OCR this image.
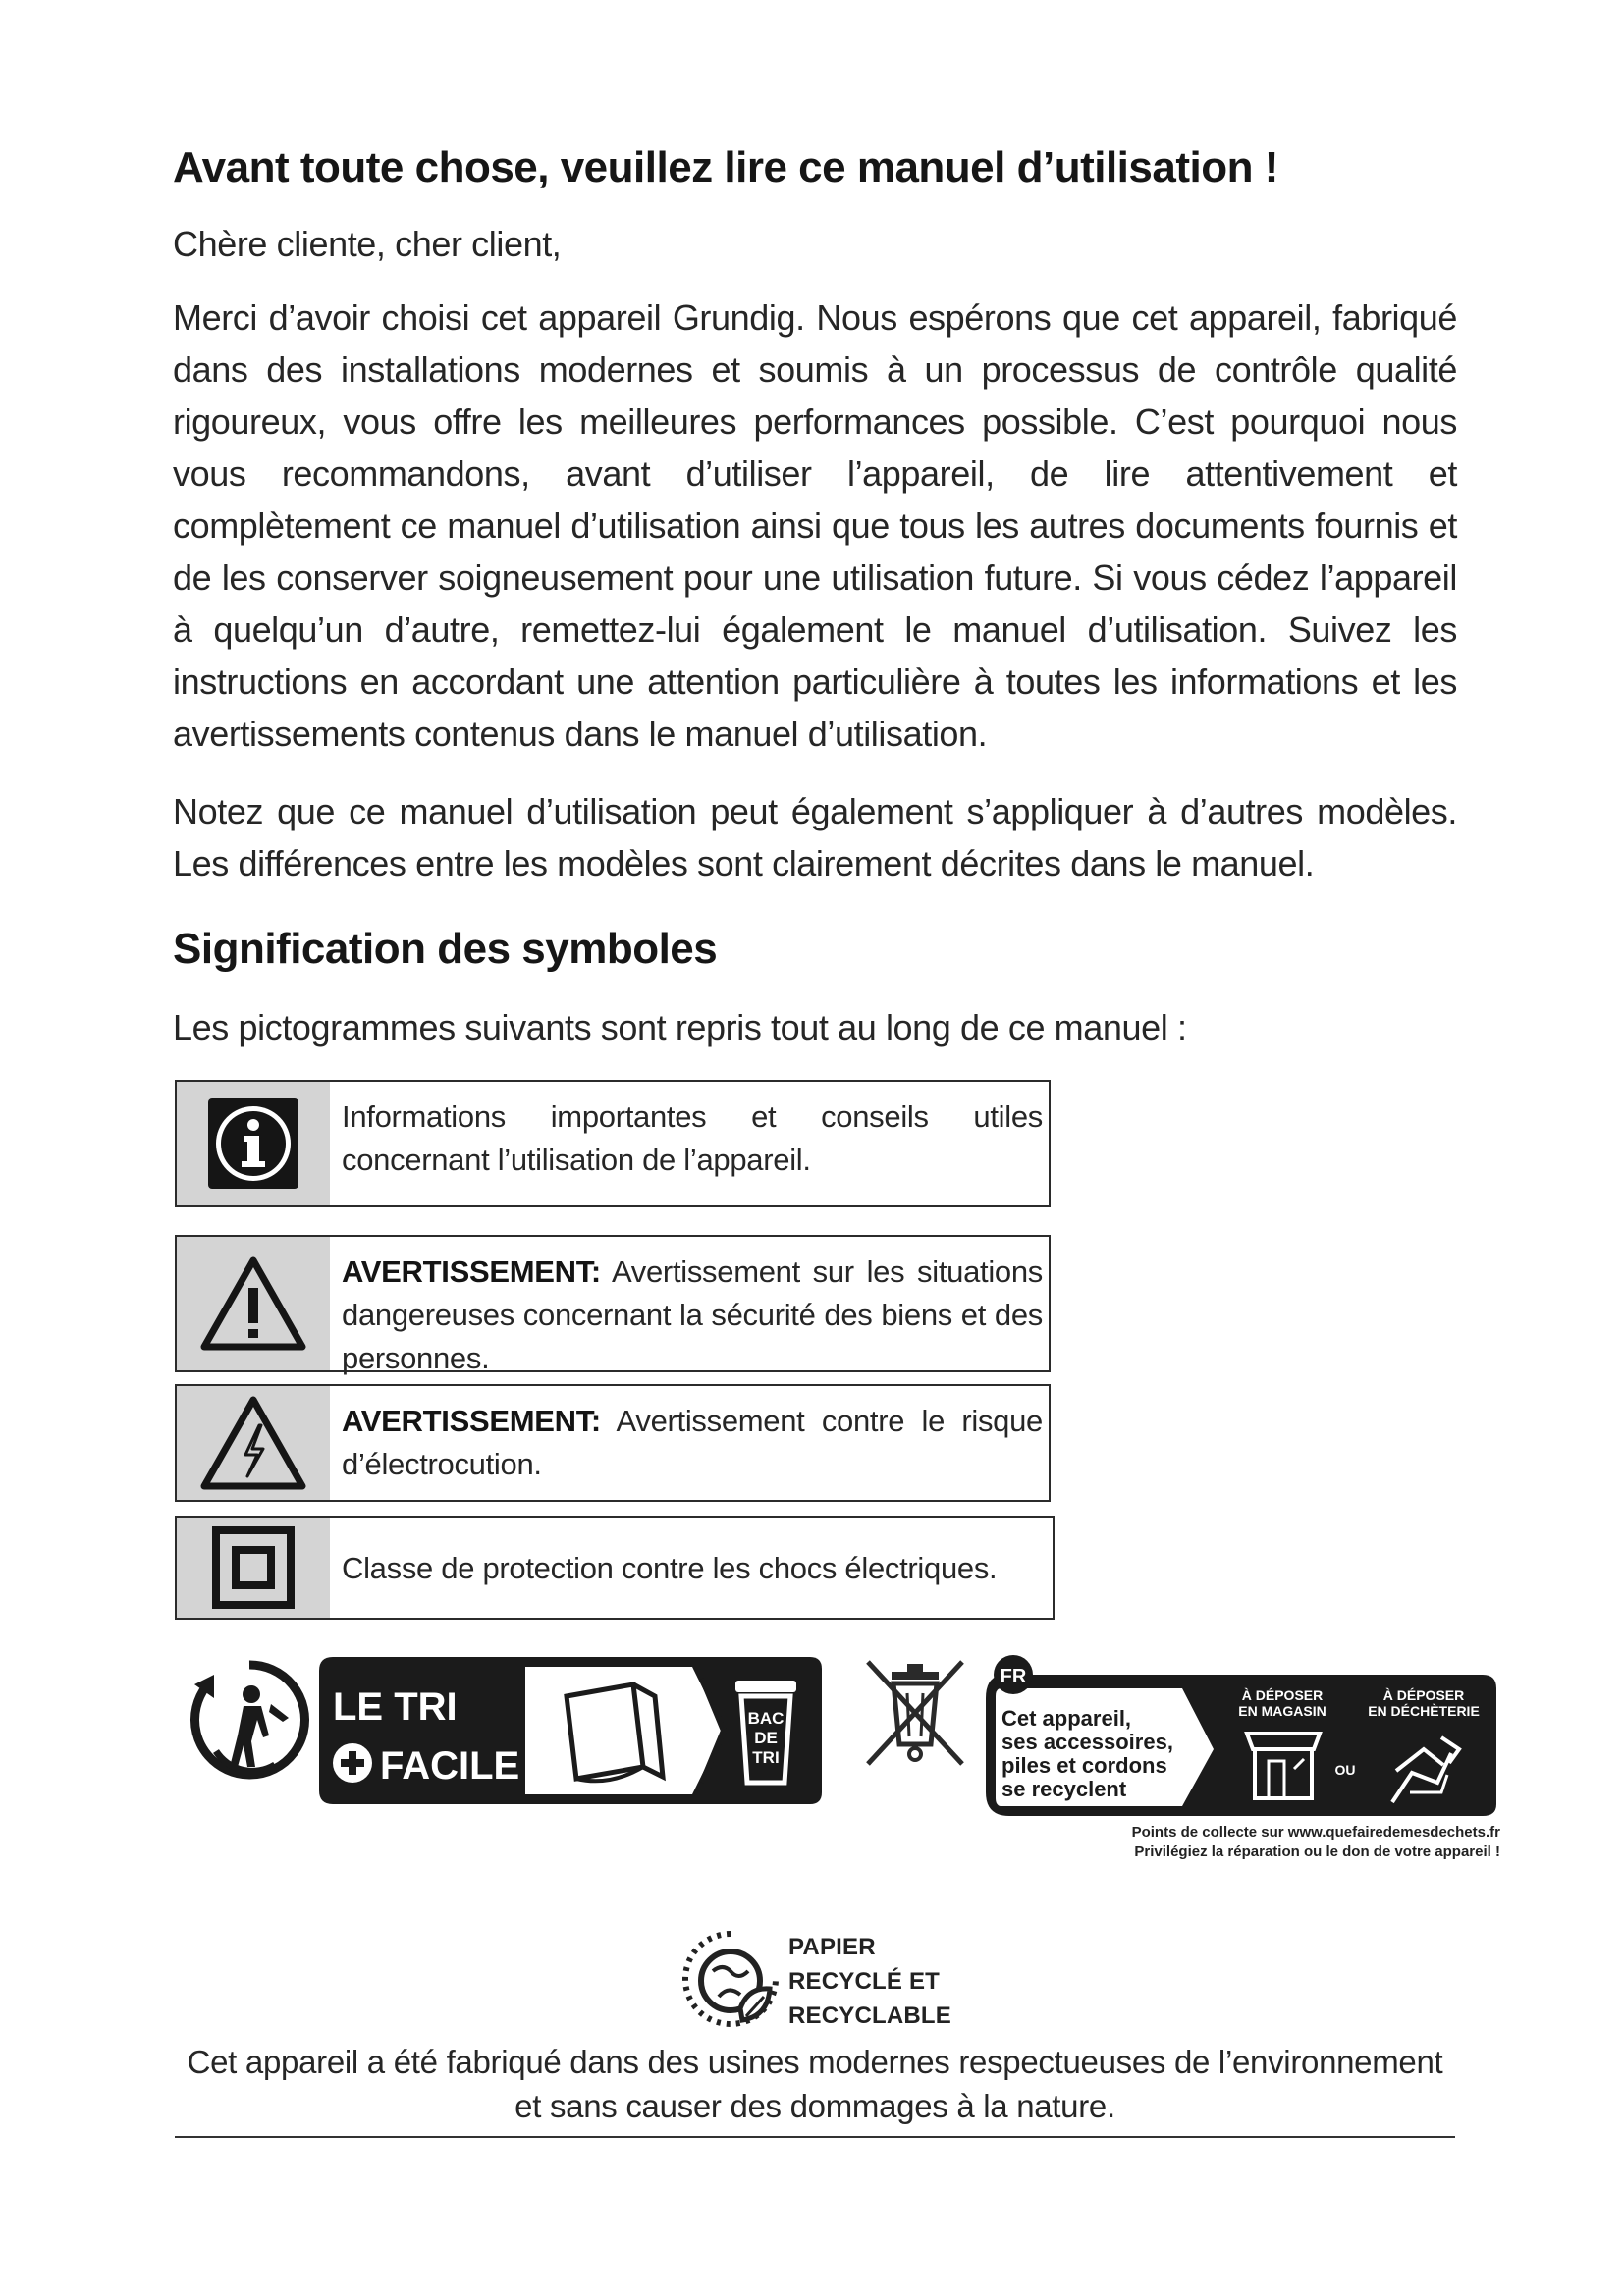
Avant toute chose, veuillez lire ce manuel d’utilisation !

Chère cliente, cher client,

Merci d’avoir choisi cet appareil Grundig. Nous espérons que cet appareil, fabriqué dans des installations modernes et soumis à un processus de contrôle qualité rigoureux, vous offre les meilleures performances possible. C’est pourquoi nous vous recommandons, avant d’utiliser l’appareil, de lire attentivement et complètement ce manuel d’utilisation ainsi que tous les autres documents fournis et de les conserver soigneusement pour une utilisation future. Si vous cédez l’appareil à quelqu’un d’autre, remettez-lui également le manuel d’utilisation. Suivez les instructions en accordant une attention particulière à toutes les informations et les avertissements contenus dans le manuel d’utilisation.

Notez que ce manuel d’utilisation peut également s’appliquer à d’autres modèles. Les différences entre les modèles sont clairement décrites dans le manuel.

Signification des symboles

Les pictogrammes suivants sont repris tout au long de ce manuel :

Informations importantes et conseils utiles concernant l’utilisation de l’appareil.
AVERTISSEMENT: Avertissement sur les situations dangereuses concernant la sécurité des biens et des personnes.
AVERTISSEMENT: Avertissement contre le risque d’électrocution.
Classe de protection contre les chocs électriques.
LE TRI
FACILE
BAC
DE
TRI
FR
Cet appareil,
ses accessoires,
piles et cordons
se recyclent
À DÉPOSER
EN MAGASIN
OU
À DÉPOSER
EN DÉCHÈTERIE
Points de collecte sur www.quefairedemesdechets.fr
Privilégiez la réparation ou le don de votre appareil !
PAPIER
RECYCLÉ ET
RECYCLABLE

Cet appareil a été fabriqué dans des usines modernes respectueuses de l’environnement et sans causer des dommages à la nature.
